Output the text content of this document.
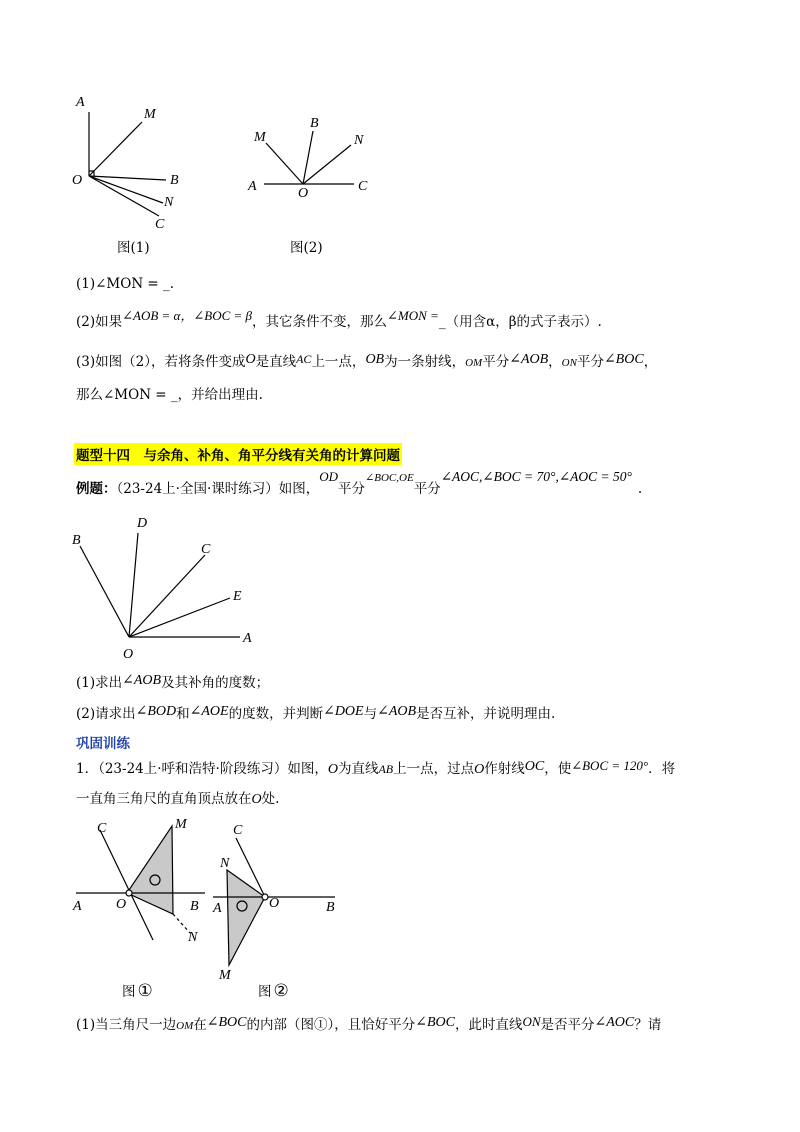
A
M
O	B
N
C
图(1)
M
B
N
A	O	C
图(2)
(1)∠MON = _.
(2)如果∠AOB = α，∠BOC = β，其它条件不变，那么∠MON =_（用含α，β的式子表示）.
(3)如图（2），若将条件变成O是直线AC上一点，OB为一条射线，OM平分∠AOB，ON平分∠BOC，
那么∠MON = _，并给出理由.
题型十四　与余角、补角、角平分线有关角的计算问题
例题：（23-24上·全国·课时练习）如图，OD平分$^{\angle BOC,OE}$平分∠AOC,∠BOC = 70°,∠AOC = 50°.
B
D
C
E
O
A
(1)求出∠AOB及其补角的度数；
(2)请求出∠BOD和∠AOE的度数，并判断∠DOE与∠AOB是否互补，并说明理由.
巩固训练
1．（23-24上·呼和浩特·阶段练习）如图，O为直线AB上一点，过点O作射线OC，使∠BOC = 120°．将
一直角三角尺的直角顶点放在O处.
C	M
A O	B
N
图 ①
C
N
A	O	B
M
图 ②
(1)当三角尺一边OM在∠BOC的内部（图①），且恰好平分∠BOC，此时直线ON是否平分∠AOC？请
